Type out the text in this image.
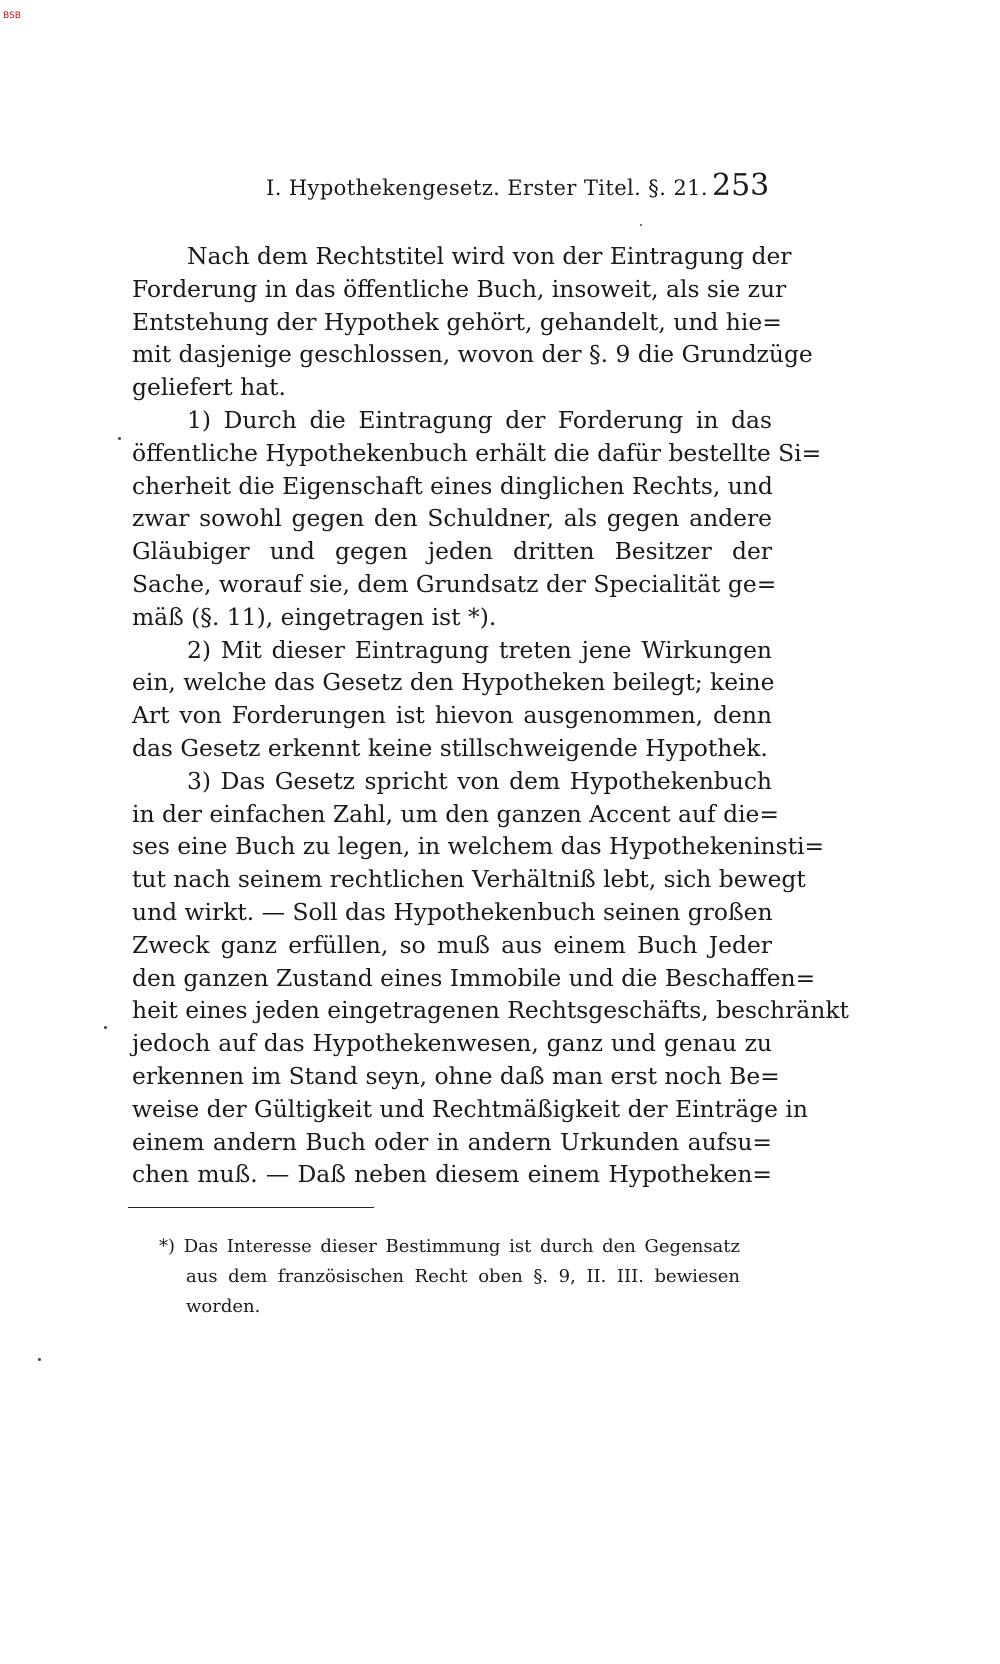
BSB
I. Hypothekengesetz. Erster Titel. §. 21. 253
Nach dem Rechtstitel wird von der Eintragung der
Forderung in das öffentliche Buch, insoweit, als sie zur
Entstehung der Hypothek gehört, gehandelt, und hie=
mit dasjenige geschlossen, wovon der §. 9 die Grundzüge
geliefert hat.
1) Durch die Eintragung der Forderung in das
öffentliche Hypothekenbuch erhält die dafür bestellte Si=
cherheit die Eigenschaft eines dinglichen Rechts, und
zwar sowohl gegen den Schuldner, als gegen andere
Gläubiger und gegen jeden dritten Besitzer der
Sache, worauf sie, dem Grundsatz der Specialität ge=
mäß (§. 11), eingetragen ist *).
2) Mit dieser Eintragung treten jene Wirkungen
ein, welche das Gesetz den Hypotheken beilegt; keine
Art von Forderungen ist hievon ausgenommen, denn
das Gesetz erkennt keine stillschweigende Hypothek.
3) Das Gesetz spricht von dem Hypothekenbuch
in der einfachen Zahl, um den ganzen Accent auf die=
ses eine Buch zu legen, in welchem das Hypothekeninsti=
tut nach seinem rechtlichen Verhältniß lebt, sich bewegt
und wirkt. — Soll das Hypothekenbuch seinen großen
Zweck ganz erfüllen, so muß aus einem Buch Jeder
den ganzen Zustand eines Immobile und die Beschaffen=
heit eines jeden eingetragenen Rechtsgeschäfts, beschränkt
jedoch auf das Hypothekenwesen, ganz und genau zu
erkennen im Stand seyn, ohne daß man erst noch Be=
weise der Gültigkeit und Rechtmäßigkeit der Einträge in
einem andern Buch oder in andern Urkunden aufsu=
chen muß. — Daß neben diesem einem Hypotheken=
*) Das Interesse dieser Bestimmung ist durch den Gegensatz
aus dem französischen Recht oben §. 9, II. III. bewiesen
worden.
